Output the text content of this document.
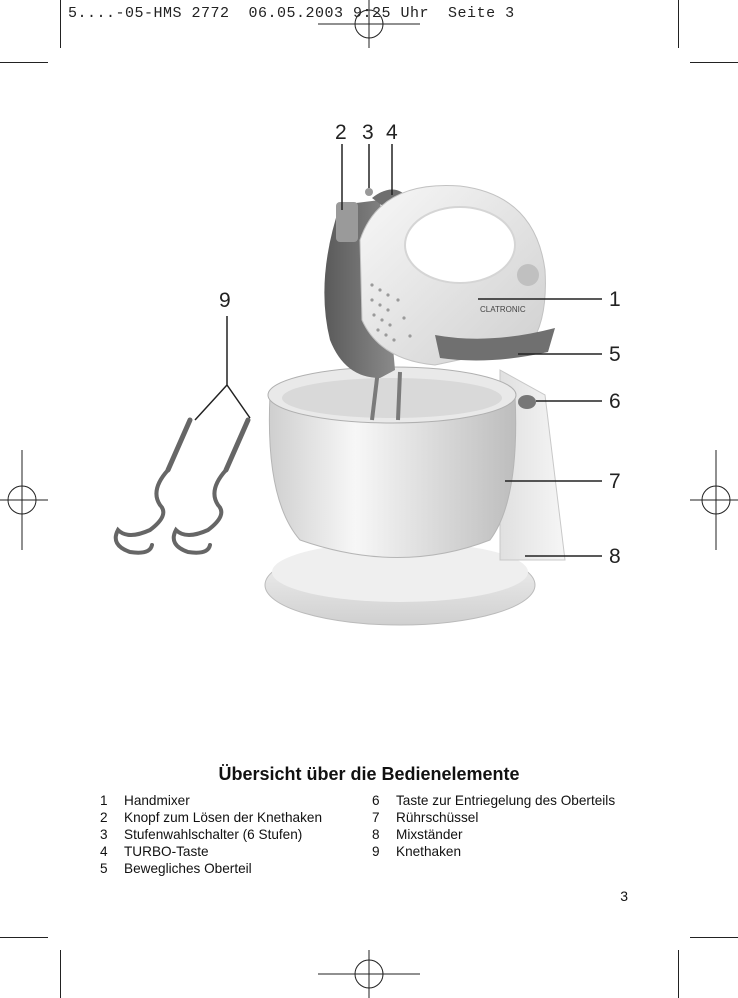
5....-05-HMS 2772  06.05.2003 9:25 Uhr  Seite 3
CLATRONIC
2 3 4
1
5
6
7
8
9
Übersicht über die Bedienelemente
1	Handmixer
2	Knopf zum Lösen der Knethaken
3	Stufenwahlschalter (6 Stufen)
4	TURBO-Taste
5	Bewegliches Oberteil
6	Taste zur Entriegelung des Oberteils
7	Rührschüssel
8	Mixständer
9	Knethaken
3
